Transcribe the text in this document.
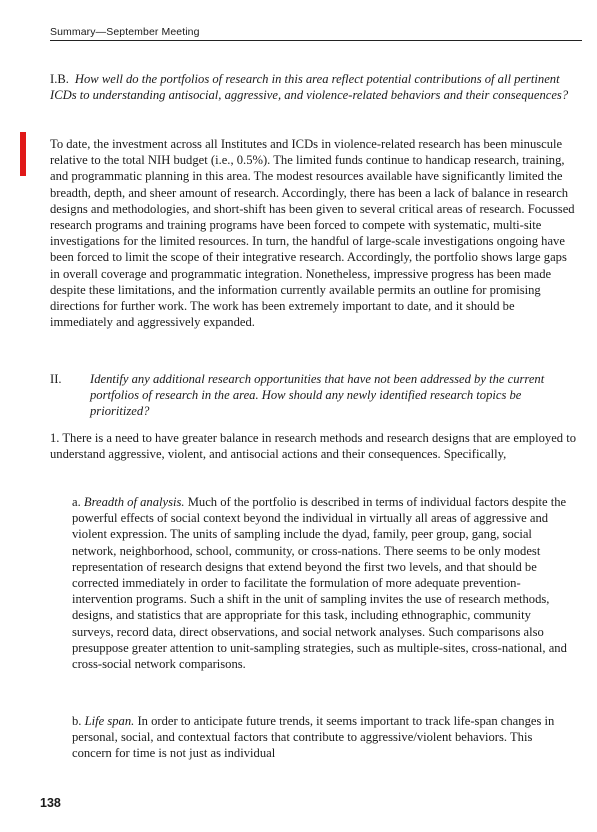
Summary—September Meeting
I.B. How well do the portfolios of research in this area reflect potential contributions of all pertinent ICDs to understanding antisocial, aggressive, and violence-related behaviors and their consequences?
To date, the investment across all Institutes and ICDs in violence-related research has been minuscule relative to the total NIH budget (i.e., 0.5%). The limited funds continue to handicap research, training, and programmatic planning in this area. The modest resources available have significantly limited the breadth, depth, and sheer amount of research. Accordingly, there has been a lack of balance in research designs and methodologies, and short-shift has been given to several critical areas of research. Focussed research programs and training programs have been forced to compete with systematic, multi-site investigations for the limited resources. In turn, the handful of large-scale investigations ongoing have been forced to limit the scope of their integrative research. Accordingly, the portfolio shows large gaps in overall coverage and programmatic integration. Nonetheless, impressive progress has been made despite these limitations, and the information currently available permits an outline for promising directions for further work. The work has been extremely important to date, and it should be immediately and aggressively expanded.
II. Identify any additional research opportunities that have not been addressed by the current portfolios of research in the area. How should any newly identified research topics be prioritized?
1. There is a need to have greater balance in research methods and research designs that are employed to understand aggressive, violent, and antisocial actions and their consequences. Specifically,
a. Breadth of analysis. Much of the portfolio is described in terms of individual factors despite the powerful effects of social context beyond the individual in virtually all areas of aggressive and violent expression. The units of sampling include the dyad, family, peer group, gang, social network, neighborhood, school, community, or cross-nations. There seems to be only modest representation of research designs that extend beyond the first two levels, and that should be corrected immediately in order to facilitate the formulation of more adequate prevention-intervention programs. Such a shift in the unit of sampling invites the use of research methods, designs, and statistics that are appropriate for this task, including ethnographic, community surveys, record data, direct observations, and social network analyses. Such comparisons also presuppose greater attention to unit-sampling strategies, such as multiple-sites, cross-national, and cross-social network comparisons.
b. Life span. In order to anticipate future trends, it seems important to track life-span changes in personal, social, and contextual factors that contribute to aggressive/violent behaviors. This concern for time is not just as individual
138
